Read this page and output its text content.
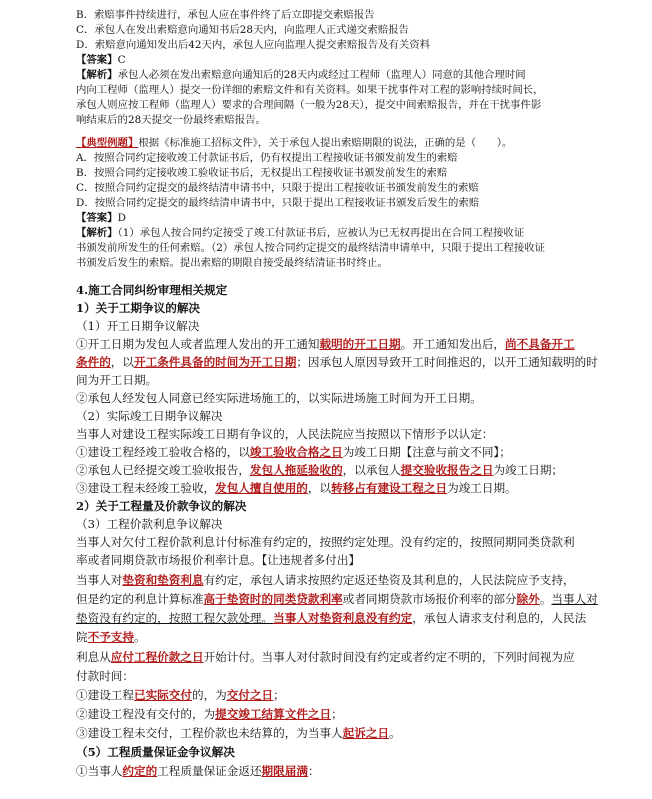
B．索赔事件持续进行，承包人应在事件终了后立即提交索赔报告
C．承包人在发出索赔意向通知书后28天内，向监理人正式递交索赔报告
D．索赔意向通知发出后42天内，承包人应向监理人提交索赔报告及有关资料
【答案】C
【解析】承包人必须在发出索赔意向通知后的28天内或经过工程师（监理人）同意的其他合理时间
内向工程师（监理人）提交一份详细的索赔文件和有关资料。如果干扰事件对工程的影响持续时间长，
承包人则应按工程师（监理人）要求的合理间隔（一般为28天），提交中间索赔报告，并在干扰事件影
响结束后的28天提交一份最终索赔报告。
【典型例题】根据《标准施工招标文件》，关于承包人提出索赔期限的说法，正确的是（　　）。
A．按照合同约定接收竣工付款证书后，仍有权提出工程接收证书颁发前发生的索赔
B．按照合同约定接收竣工验收证书后，无权提出工程接收证书颁发前发生的索赔
C．按照合同约定提交的最终结清申请书中，只限于提出工程接收证书颁发前发生的索赔
D．按照合同约定提交的最终结清申请书中，只限于提出工程接收证书颁发后发生的索赔
【答案】D
【解析】（1）承包人按合同约定接受了竣工付款证书后，应被认为已无权再提出在合同工程接收证
书颁发前所发生的任何索赔。（2）承包人按合同约定提交的最终结清申请单中，只限于提出工程接收证
书颁发后发生的索赔。提出索赔的期限自接受最终结清证书时终止。
4.施工合同纠纷审理相关规定
1）关于工期争议的解决
（1）开工日期争议解决
①开工日期为发包人或者监理人发出的开工通知载明的开工日期。开工通知发出后，尚不具备开工
条件的，以开工条件具备的时间为开工日期；因承包人原因导致开工时间推迟的，以开工通知载明的时
间为开工日期。
②承包人经发包人同意已经实际进场施工的，以实际进场施工时间为开工日期。
（2）实际竣工日期争议解决
当事人对建设工程实际竣工日期有争议的，人民法院应当按照以下情形予以认定：
①建设工程经竣工验收合格的，以竣工验收合格之日为竣工日期【注意与前文不同】；
②承包人已经提交竣工验收报告，发包人拖延验收的，以承包人提交验收报告之日为竣工日期；
③建设工程未经竣工验收，发包人擅自使用的，以转移占有建设工程之日为竣工日期。
2）关于工程量及价款争议的解决
（3）工程价款利息争议解决
当事人对欠付工程价款利息计付标准有约定的，按照约定处理。没有约定的，按照同期同类贷款利
率或者同期贷款市场报价利率计息。【让违规者多付出】
当事人对垫资和垫资利息有约定，承包人请求按照约定返还垫资及其利息的，人民法院应予支持，
但是约定的利息计算标准高于垫资时的同类贷款利率或者同期贷款市场报价利率的部分除外。当事人对
垫资没有约定的，按照工程欠款处理。当事人对垫资利息没有约定，承包人请求支付利息的，人民法
院不予支持。
利息从应付工程价款之日开始计付。当事人对付款时间没有约定或者约定不明的，下列时间视为应
付款时间：
①建设工程已实际交付的，为交付之日；
②建设工程没有交付的，为提交竣工结算文件之日；
③建设工程未交付，工程价款也未结算的，为当事人起诉之日。
（5）工程质量保证金争议解决
①当事人约定的工程质量保证金返还期限届满：
